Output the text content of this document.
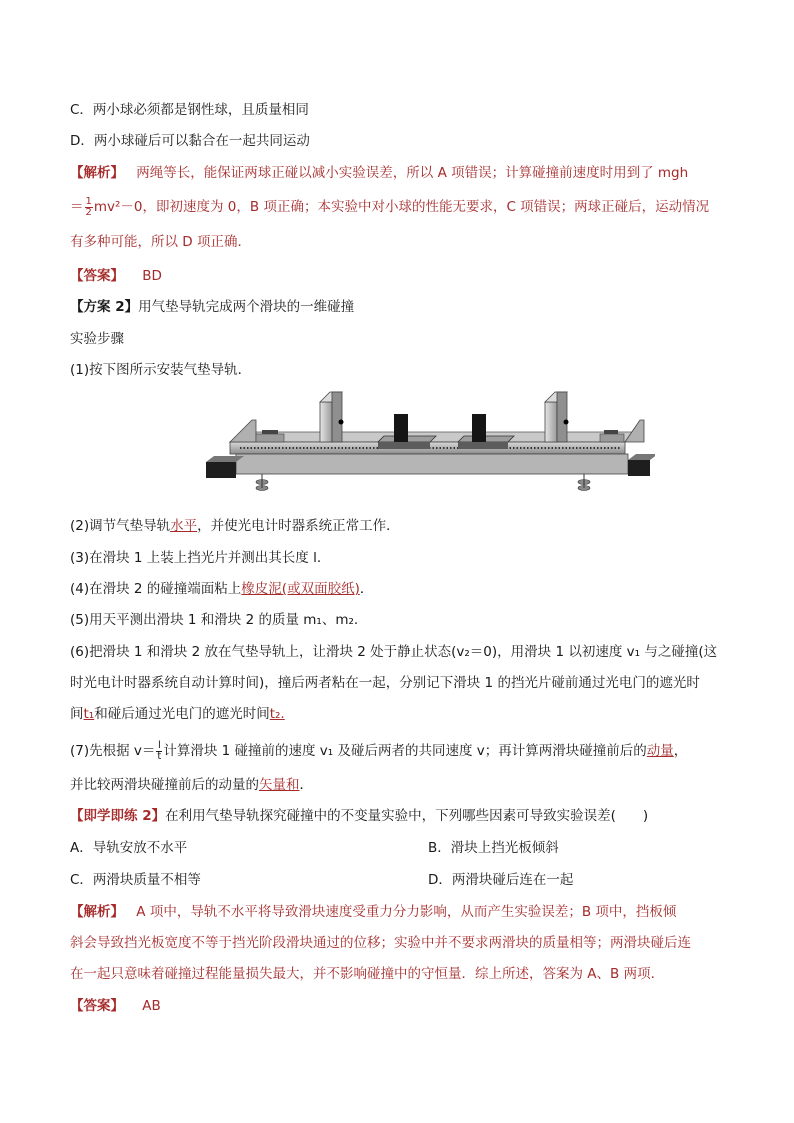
C．两小球必须都是钢性球，且质量相同
D．两小球碰后可以黏合在一起共同运动
【解析】 两绳等长，能保证两球正碰以减小实验误差，所以 A 项错误；计算碰撞前速度时用到了 mgh
＝ $\frac{1}{2} mv^2-0$，即初速度为 0，B 项正确；本实验中对小球的性能无要求，C 项错误；两球正碰后，运动情况
有多种可能，所以 D 项正确．
【答案】 BD
【方案 2】用气垫导轨完成两个滑块的一维碰撞
实验步骤
(1)按下图所示安装气垫导轨．
(2)调节气垫导轨水平，并使光电计时器系统正常工作．
(3)在滑块 1 上装上挡光片并测出其长度 l.
(4)在滑块 2 的碰撞端面粘上橡皮泥(或双面胶纸)．
(5)用天平测出滑块 1 和滑块 2 的质量 m₁、m₂.
(6)把滑块 1 和滑块 2 放在气垫导轨上，让滑块 2 处于静止状态(v₂＝0)，用滑块 1 以初速度 v₁ 与之碰撞(这
时光电计时器系统自动计算时间)，撞后两者粘在一起，分别记下滑块 1 的挡光片碰前通过光电门的遮光时
间t₁和碰后通过光电门的遮光时间t₂.
(7)先根据 $v= \frac{l}{t}$ 计算滑块 1 碰撞前的速度 v₁ 及碰后两者的共同速度 v；再计算两滑块碰撞前后的动量，
并比较两滑块碰撞前后的动量的矢量和．
【即学即练 2】在利用气垫导轨探究碰撞中的不变量实验中，下列哪些因素可导致实验误差(　　)
A．导轨安放不水平	B．滑块上挡光板倾斜
C．两滑块质量不相等	D．两滑块碰后连在一起
【解析】 A 项中，导轨不水平将导致滑块速度受重力分力影响，从而产生实验误差；B 项中，挡板倾
斜会导致挡光板宽度不等于挡光阶段滑块通过的位移；实验中并不要求两滑块的质量相等；两滑块碰后连
在一起只意味着碰撞过程能量损失最大，并不影响碰撞中的守恒量．综上所述，答案为 A、B 两项．
【答案】 AB
